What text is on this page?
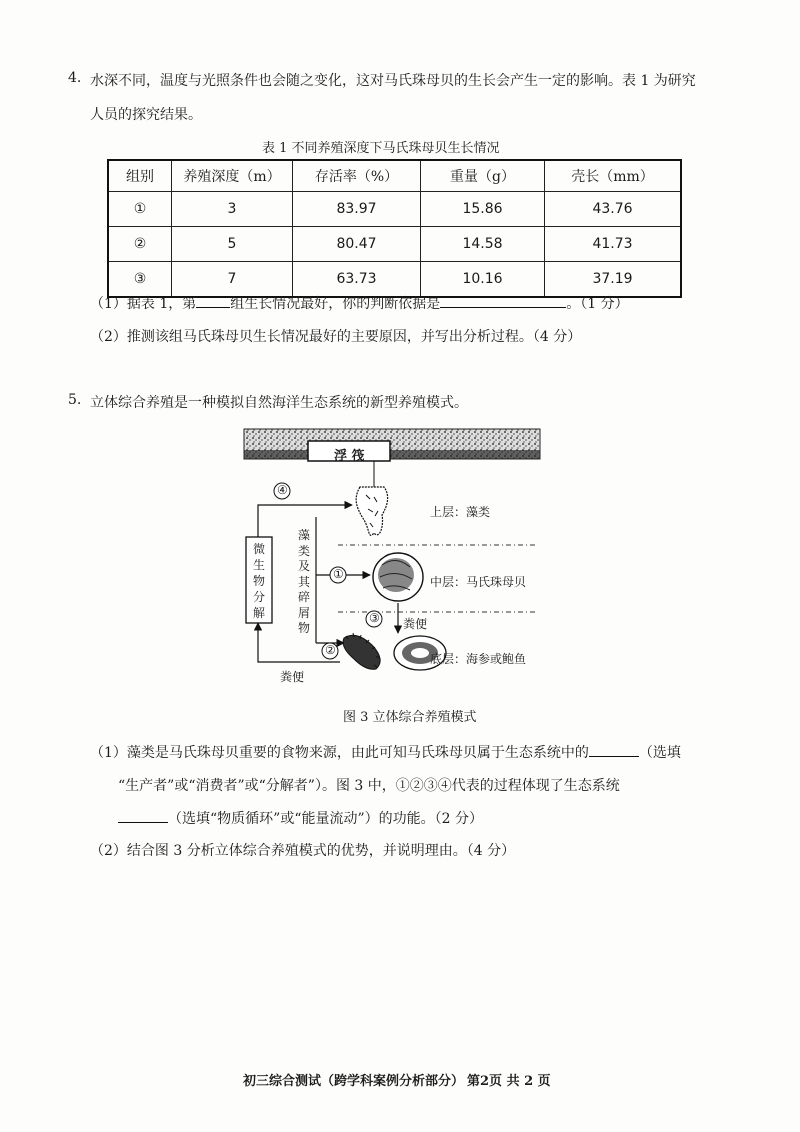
4. 水深不同，温度与光照条件也会随之变化，这对马氏珠母贝的生长会产生一定的影响。表 1 为研究
人员的探究结果。
表 1 不同养殖深度下马氏珠母贝生长情况
组别	养殖深度（m）	存活率（%）	重量（g）	壳长（mm）
①	3	83.97	15.86	43.76
②	5	80.47	14.58	41.73
③	7	63.73	10.16	37.19
（1）据表 1，第 组生长情况最好，你的判断依据是	。（1 分）
（2）推测该组马氏珠母贝生长情况最好的主要原因，并写出分析过程。（4 分）
5. 立体综合养殖是一种模拟自然海洋生态系统的新型养殖模式。
浮 筏
上层：藻类
中层：马氏珠母贝
底层：海参或鲍鱼
④
①
③
②
粪便
粪便
微
生
物
分
解
藻
类
及
其
碎
屑
物
图 3 立体综合养殖模式
（1）藻类是马氏珠母贝重要的食物来源，由此可知马氏珠母贝属于生态系统中的	（选填
“生产者”或“消费者”或“分解者”）。图 3 中，①②③④代表的过程体现了生态系统
（选填“物质循环”或“能量流动”）的功能。（2 分）
（2）结合图 3 分析立体综合养殖模式的优势，并说明理由。（4 分）
初三综合测试（跨学科案例分析部分） 第2页 共 2 页
